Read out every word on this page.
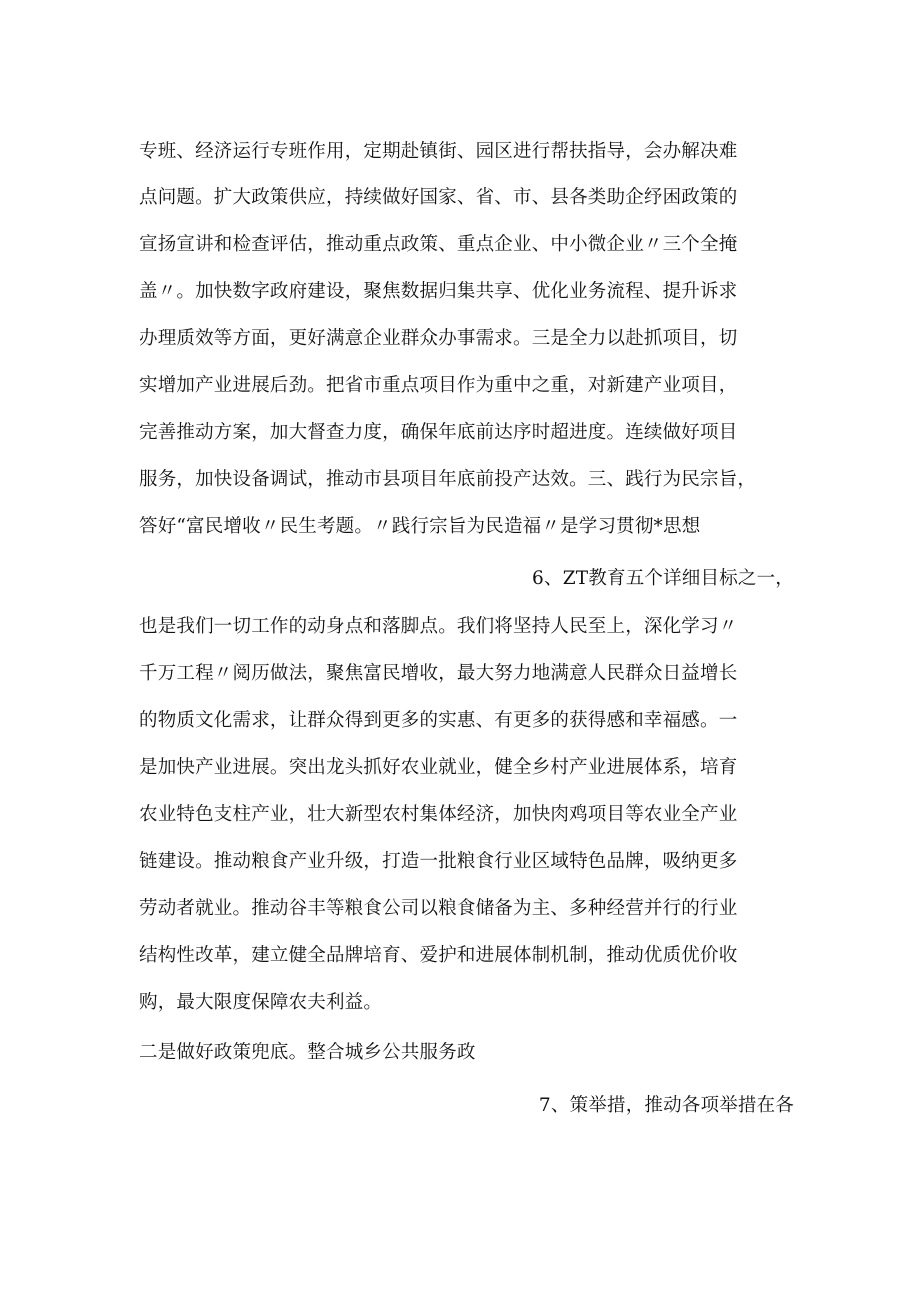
专班、经济运行专班作用，定期赴镇街、园区进行帮扶指导，会办解决难
点问题。扩大政策供应，持续做好国家、省、市、县各类助企纾困政策的
宣扬宣讲和检查评估，推动重点政策、重点企业、中小微企业〃三个全掩
盖〃。加快数字政府建设，聚焦数据归集共享、优化业务流程、提升诉求
办理质效等方面，更好满意企业群众办事需求。三是全力以赴抓项目，切
实增加产业进展后劲。把省市重点项目作为重中之重，对新建产业项目，
完善推动方案，加大督查力度，确保年底前达序时超进度。连续做好项目
服务，加快设备调试，推动市县项目年底前投产达效。三、践行为民宗旨，
答好“富民增收〃民生考题。〃践行宗旨为民造福〃是学习贯彻*思想
6、ZT教育五个详细目标之一，
也是我们一切工作的动身点和落脚点。我们将坚持人民至上，深化学习〃
千万工程〃阅历做法，聚焦富民增收，最大努力地满意人民群众日益增长
的物质文化需求，让群众得到更多的实惠、有更多的获得感和幸福感。一
是加快产业进展。突出龙头抓好农业就业，健全乡村产业进展体系，培育
农业特色支柱产业，壮大新型农村集体经济，加快肉鸡项目等农业全产业
链建设。推动粮食产业升级，打造一批粮食行业区域特色品牌，吸纳更多
劳动者就业。推动谷丰等粮食公司以粮食储备为主、多种经营并行的行业
结构性改革，建立健全品牌培育、爱护和进展体制机制，推动优质优价收
购，最大限度保障农夫利益。
二是做好政策兜底。整合城乡公共服务政
7、策举措，推动各项举措在各
